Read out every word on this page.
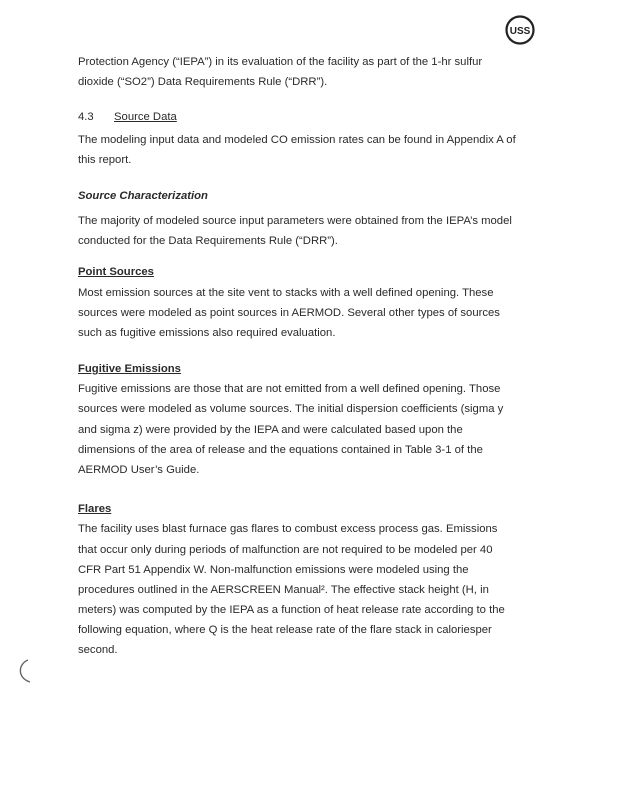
USS
Protection Agency (“IEPA”) in its evaluation of the facility as part of the 1-hr sulfur
dioxide (“SO2”) Data Requirements Rule (“DRR”).
4.3 Source Data
The modeling input data and modeled CO emission rates can be found in Appendix A of
this report.
Source Characterization
The majority of modeled source input parameters were obtained from the IEPA’s model
conducted for the Data Requirements Rule (“DRR”).
Point Sources
Most emission sources at the site vent to stacks with a well defined opening. These
sources were modeled as point sources in AERMOD. Several other types of sources
such as fugitive emissions also required evaluation.
Fugitive Emissions
Fugitive emissions are those that are not emitted from a well defined opening. Those
sources were modeled as volume sources. The initial dispersion coefficients (sigma y
and sigma z) were provided by the IEPA and were calculated based upon the
dimensions of the area of release and the equations contained in Table 3-1 of the
AERMOD User’s Guide.
Flares
The facility uses blast furnace gas flares to combust excess process gas. Emissions
that occur only during periods of malfunction are not required to be modeled per 40
CFR Part 51 Appendix W. Non-malfunction emissions were modeled using the
procedures outlined in the AERSCREEN Manual². The effective stack height (H, in
meters) was computed by the IEPA as a function of heat release rate according to the
following equation, where Q is the heat release rate of the flare stack in caloriesper
second.
